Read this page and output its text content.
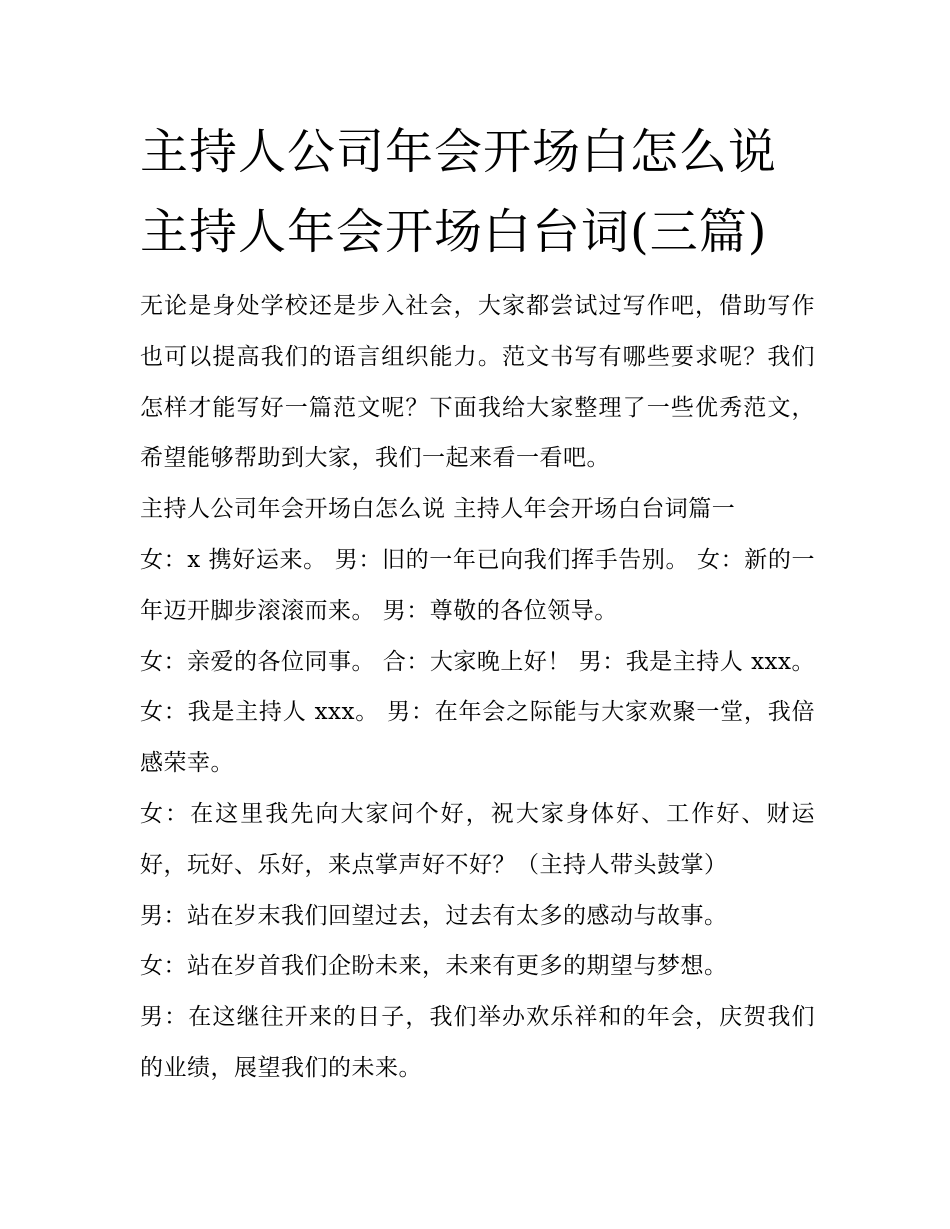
主持人公司年会开场白怎么说
主持人年会开场白台词(三篇)

无论是身处学校还是步入社会，大家都尝试过写作吧，借助写作也可以提高我们的语言组织能力。范文书写有哪些要求呢？我们怎样才能写好一篇范文呢？下面我给大家整理了一些优秀范文，希望能够帮助到大家，我们一起来看一看吧。

主持人公司年会开场白怎么说 主持人年会开场白台词篇一

女：x 携好运来。 男：旧的一年已向我们挥手告别。 女：新的一年迈开脚步滚滚而来。 男：尊敬的各位领导。

女：亲爱的各位同事。 合：大家晚上好！ 男：我是主持人 xxx。 女：我是主持人 xxx。 男：在年会之际能与大家欢聚一堂，我倍感荣幸。

女：在这里我先向大家问个好，祝大家身体好、工作好、财运好，玩好、乐好，来点掌声好不好？（主持人带头鼓掌）

男：站在岁末我们回望过去，过去有太多的感动与故事。

女：站在岁首我们企盼未来，未来有更多的期望与梦想。

男：在这继往开来的日子，我们举办欢乐祥和的年会，庆贺我们的业绩，展望我们的未来。
